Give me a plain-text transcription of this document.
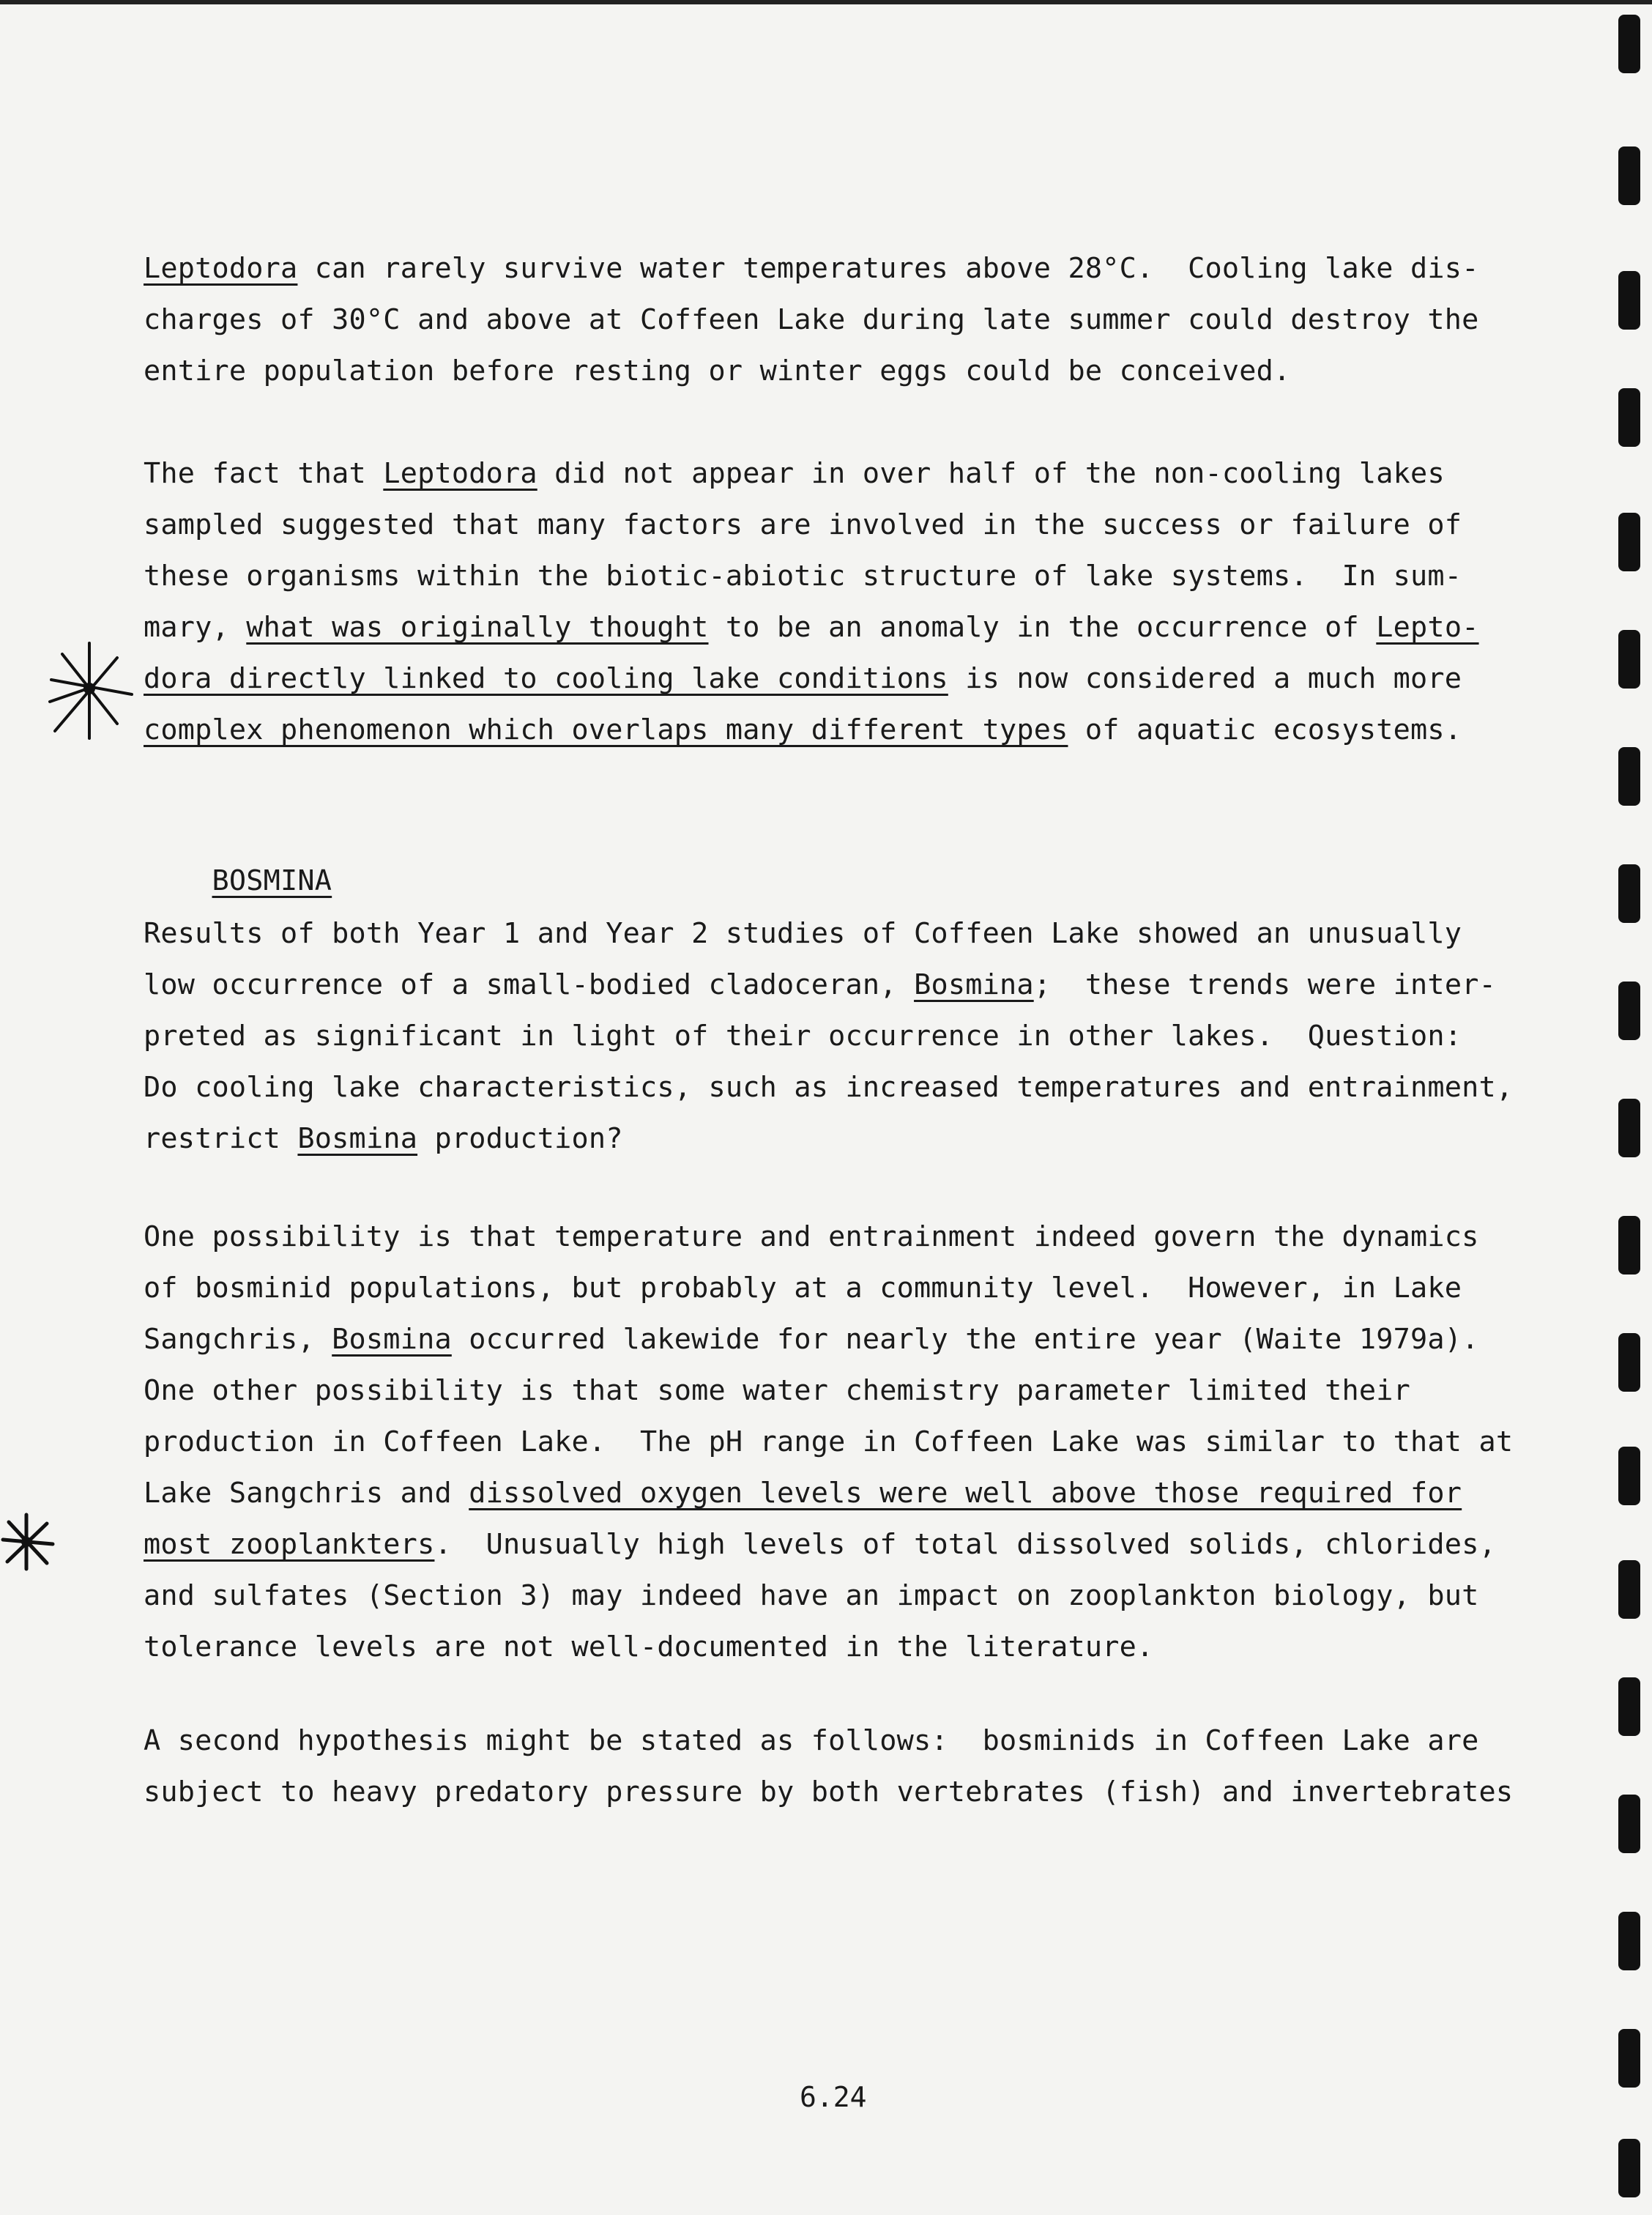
Leptodora can rarely survive water temperatures above 28°C.  Cooling lake dis-
charges of 30°C and above at Coffeen Lake during late summer could destroy the
entire population before resting or winter eggs could be conceived.
The fact that Leptodora did not appear in over half of the non-cooling lakes
sampled suggested that many factors are involved in the success or failure of
these organisms within the biotic-abiotic structure of lake systems.  In sum-
mary, what was originally thought to be an anomaly in the occurrence of Lepto-
dora directly linked to cooling lake conditions is now considered a much more
complex phenomenon which overlaps many different types of aquatic ecosystems.

BOSMINA

Results of both Year 1 and Year 2 studies of Coffeen Lake showed an unusually
low occurrence of a small-bodied cladoceran, Bosmina;  these trends were inter-
preted as significant in light of their occurrence in other lakes.  Question:
Do cooling lake characteristics, such as increased temperatures and entrainment,
restrict Bosmina production?
One possibility is that temperature and entrainment indeed govern the dynamics
of bosminid populations, but probably at a community level.  However, in Lake
Sangchris, Bosmina occurred lakewide for nearly the entire year (Waite 1979a).
One other possibility is that some water chemistry parameter limited their
production in Coffeen Lake.  The pH range in Coffeen Lake was similar to that at
Lake Sangchris and dissolved oxygen levels were well above those required for
most zooplankters.  Unusually high levels of total dissolved solids, chlorides,
and sulfates (Section 3) may indeed have an impact on zooplankton biology, but
tolerance levels are not well-documented in the literature.
A second hypothesis might be stated as follows:  bosminids in Coffeen Lake are
subject to heavy predatory pressure by both vertebrates (fish) and invertebrates
6.24
